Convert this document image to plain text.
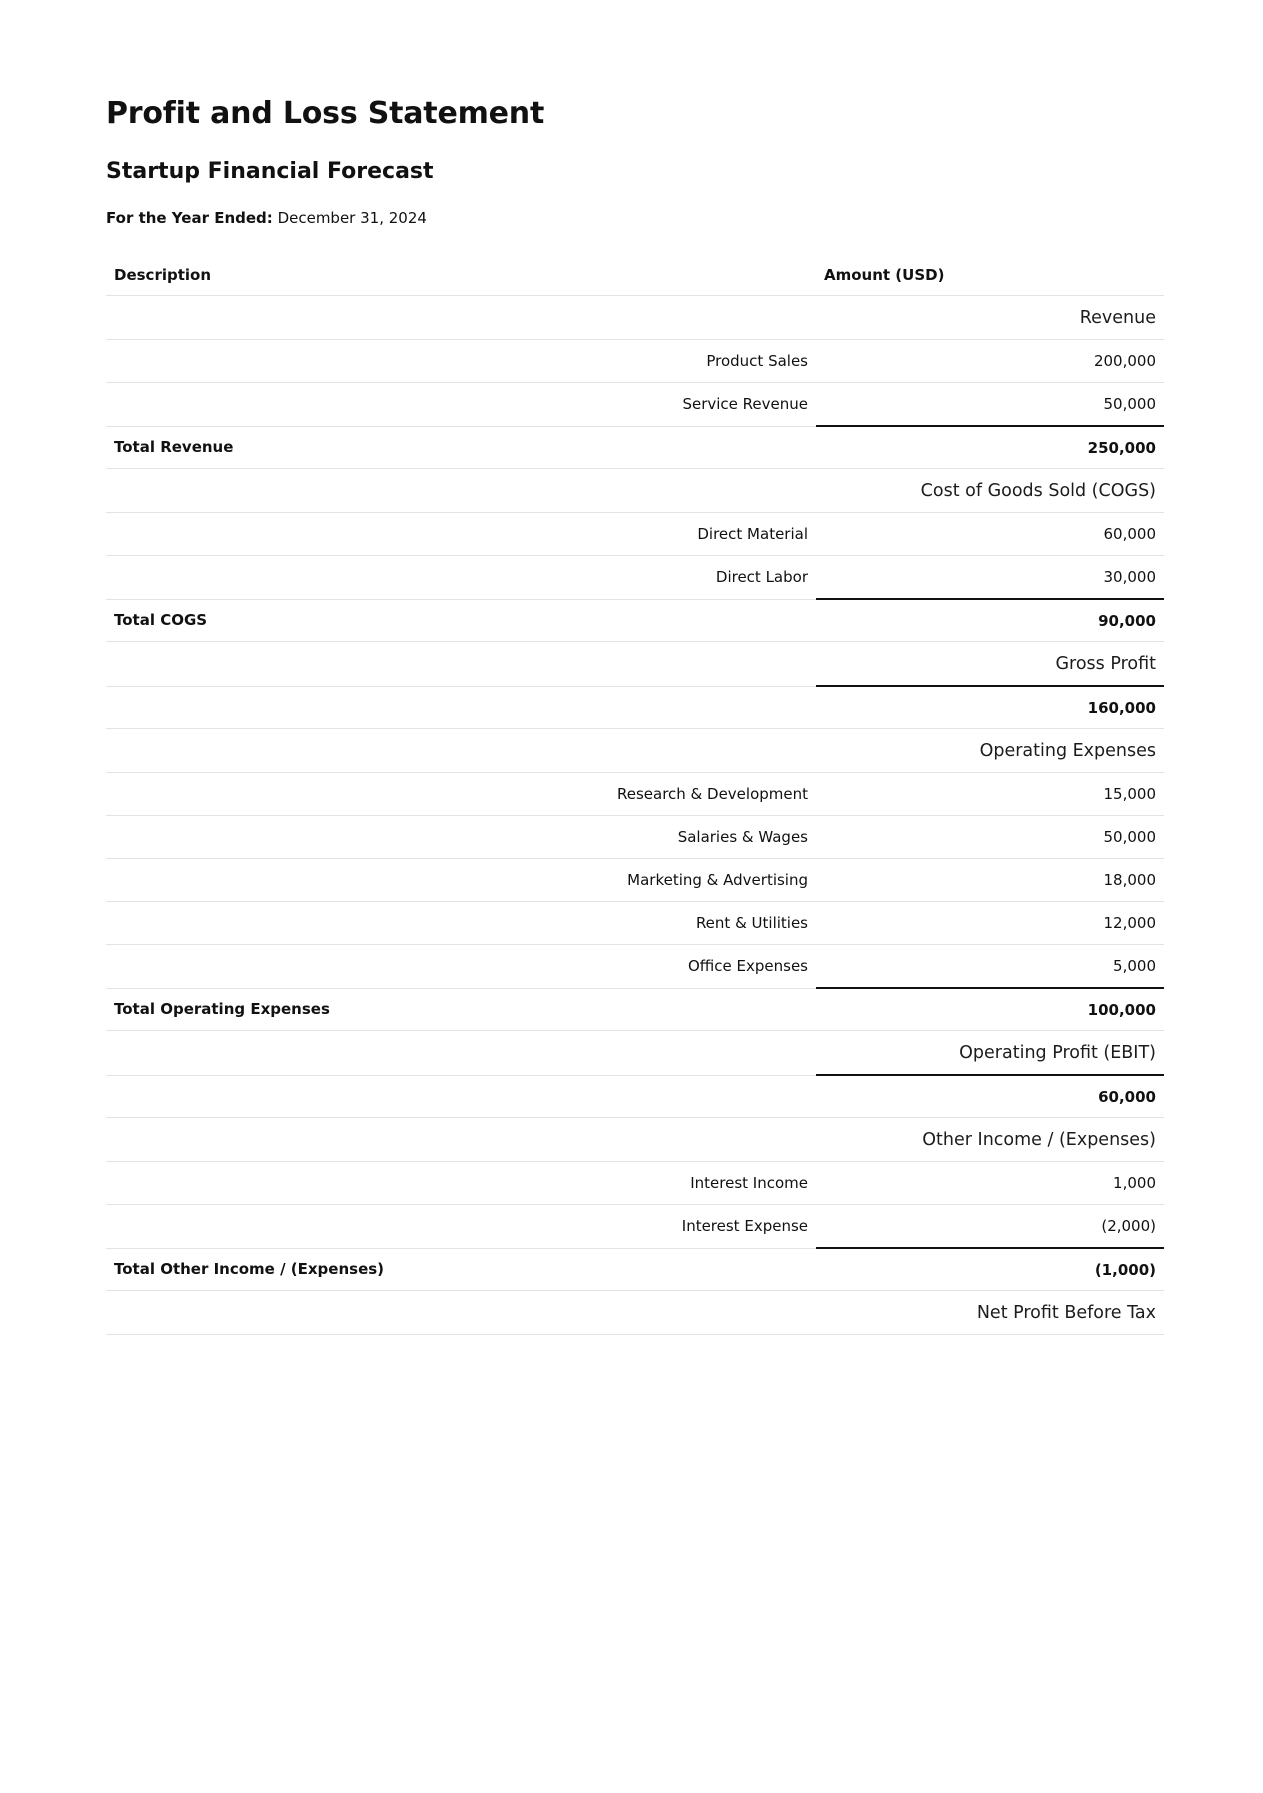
Profit and Loss Statement
Startup Financial Forecast

For the Year Ended: December 31, 2024

Description	Amount (USD)
	Revenue
Product Sales	200,000
Service Revenue	50,000
Total Revenue	250,000
	Cost of Goods Sold (COGS)
Direct Material	60,000
Direct Labor	30,000
Total COGS	90,000
	Gross Profit
	160,000
	Operating Expenses
Research & Development	15,000
Salaries & Wages	50,000
Marketing & Advertising	18,000
Rent & Utilities	12,000
Office Expenses	5,000
Total Operating Expenses	100,000
	Operating Profit (EBIT)
	60,000
	Other Income / (Expenses)
Interest Income	1,000
Interest Expense	(2,000)
Total Other Income / (Expenses)	(1,000)
	Net Profit Before Tax
